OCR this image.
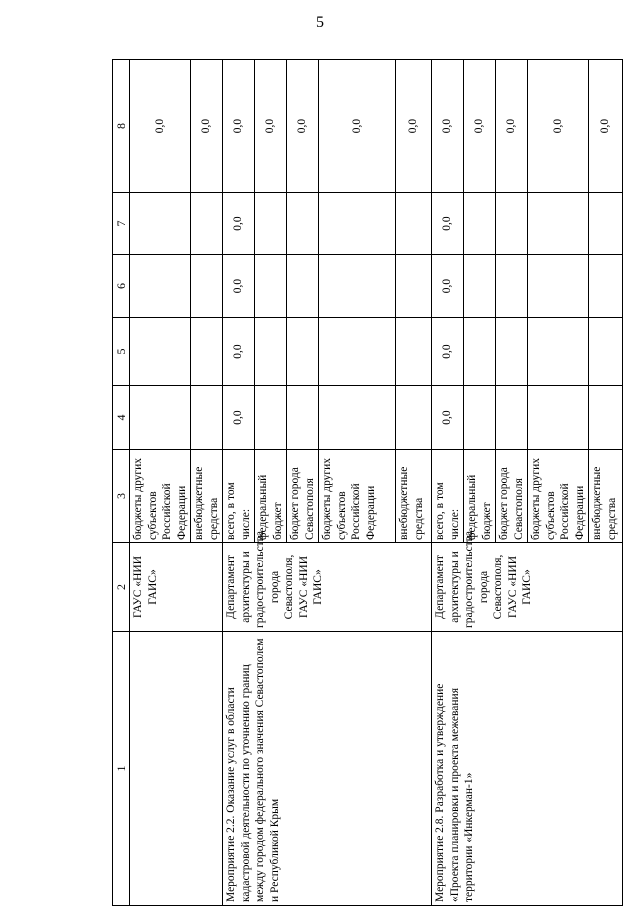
5
1	2	3	4	5	6	7	8
	ГАУС «НИИ ГАИС»	бюджеты других субъектов Российской Федерации					0,0
		внебюджетные средства					0,0
Мероприятие 2.2. Оказание услуг в области кадастровой деятельности по уточнению границ между городом федерального значения Севастополем и Республикой Крым	Департамент архитектуры и градостроительства города Севастополя, ГАУС «НИИ ГАИС»	всего, в том числе:	0,0	0,0	0,0	0,0	0,0
		федеральный бюджет					0,0
		бюджет города Севастополя					0,0
		бюджеты других субъектов Российской Федерации					0,0
		внебюджетные средства					0,0
Мероприятие 2.8. Разработка и утверждение «Проекта планировки и проекта межевания территории «Инкерман-1»	Департамент архитектуры и градостроительства города Севастополя, ГАУС «НИИ ГАИС»	всего, в том числе:	0,0	0,0	0,0	0,0	0,0
		федеральный бюджет					0,0
		бюджет города Севастополя					0,0
		бюджеты других субъектов Российской Федерации					0,0
		внебюджетные средства					0,0
